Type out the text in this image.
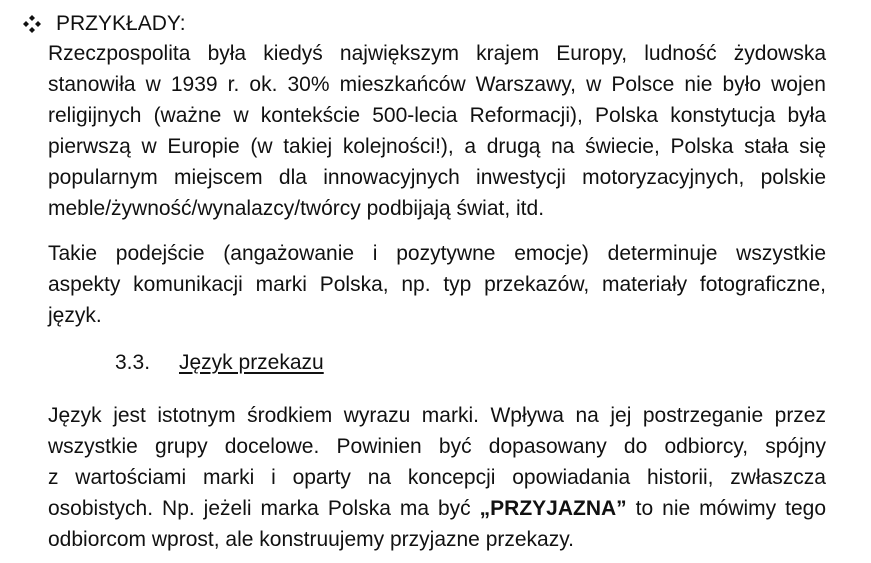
PRZYKŁADY:
Rzeczpospolita była kiedyś największym krajem Europy, ludność żydowska
stanowiła w 1939 r. ok. 30% mieszkańców Warszawy, w Polsce nie było wojen
religijnych (ważne w kontekście 500-lecia Reformacji), Polska konstytucja była
pierwszą w Europie (w takiej kolejności!), a drugą na świecie, Polska stała się
popularnym miejscem dla innowacyjnych inwestycji motoryzacyjnych, polskie
meble/żywność/wynalazcy/twórcy podbijają świat, itd.
Takie podejście (angażowanie i pozytywne emocje) determinuje wszystkie
aspekty komunikacji marki Polska, np. typ przekazów, materiały fotograficzne,
język.
3.3. Język przekazu
Język jest istotnym środkiem wyrazu marki. Wpływa na jej postrzeganie przez
wszystkie grupy docelowe. Powinien być dopasowany do odbiorcy, spójny
z wartościami marki i oparty na koncepcji opowiadania historii, zwłaszcza
osobistych. Np. jeżeli marka Polska ma być „PRZYJAZNA” to nie mówimy tego
odbiorcom wprost, ale konstruujemy przyjazne przekazy.
